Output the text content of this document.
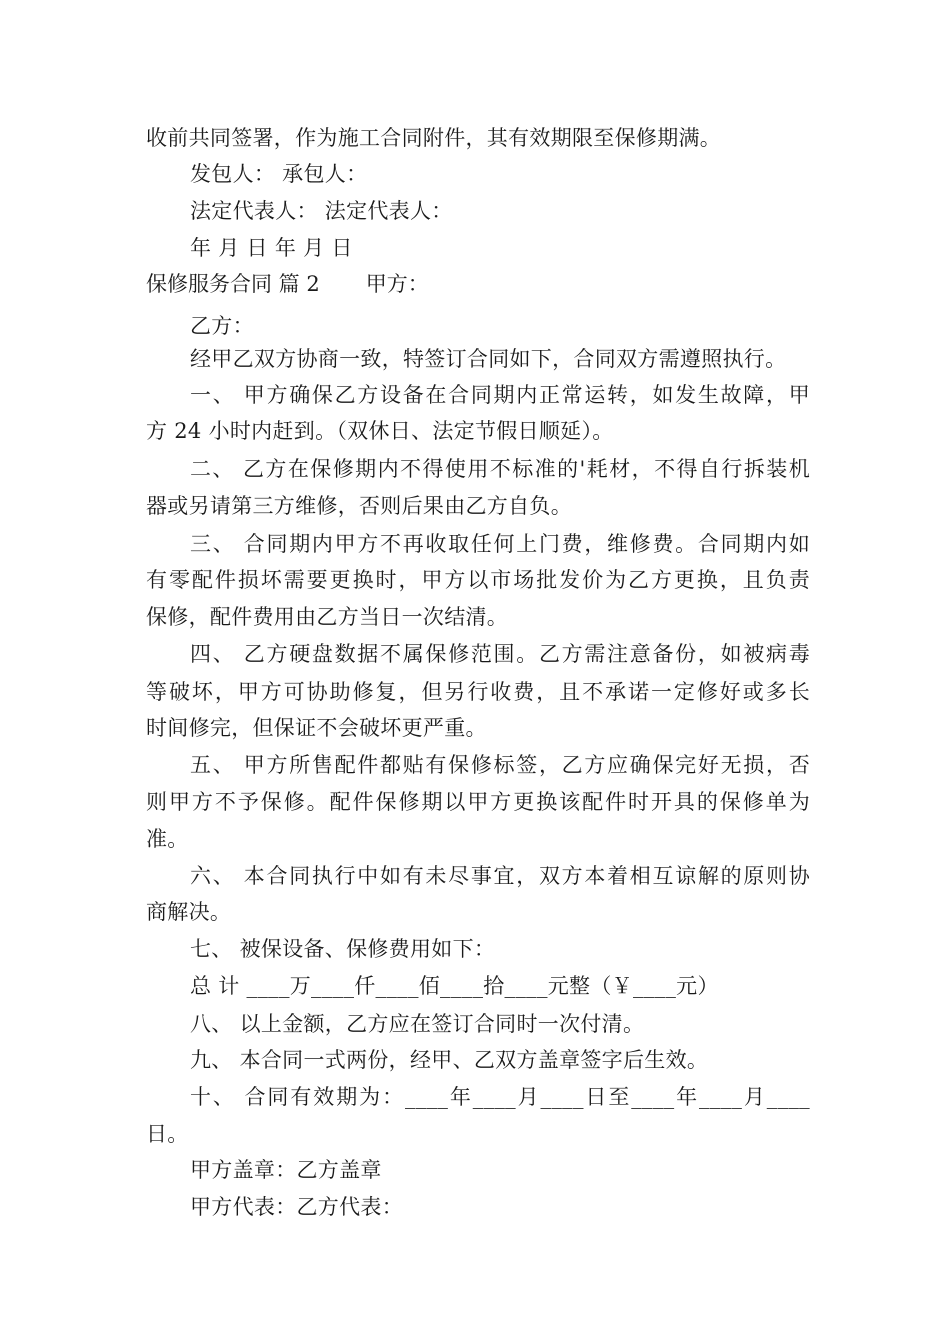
收前共同签署，作为施工合同附件，其有效期限至保修期满。
发包人： 承包人：
法定代表人： 法定代表人：
年 月 日 年 月 日
保修服务合同 篇 2 甲方：
乙方：
经甲乙双方协商一致，特签订合同如下，合同双方需遵照执行。
一、 甲方确保乙方设备在合同期内正常运转，如发生故障，甲
方 24 小时内赶到。（双休日、法定节假日顺延）。
二、 乙方在保修期内不得使用不标准的'耗材，不得自行拆装机
器或另请第三方维修，否则后果由乙方自负。
三、 合同期内甲方不再收取任何上门费，维修费。合同期内如
有零配件损坏需要更换时，甲方以市场批发价为乙方更换，且负责
保修，配件费用由乙方当日一次结清。
四、 乙方硬盘数据不属保修范围。乙方需注意备份，如被病毒
等破坏，甲方可协助修复，但另行收费，且不承诺一定修好或多长
时间修完，但保证不会破坏更严重。
五、 甲方所售配件都贴有保修标签，乙方应确保完好无损，否
则甲方不予保修。配件保修期以甲方更换该配件时开具的保修单为
准。
六、 本合同执行中如有未尽事宜，双方本着相互谅解的原则协
商解决。
七、 被保设备、保修费用如下：
总 计 ____万____仟____佰____拾____元整（￥____元）
八、 以上金额，乙方应在签订合同时一次付清。
九、 本合同一式两份，经甲、乙双方盖章签字后生效。
十、 合同有效期为：____年____月____日至____年____月____
日。
甲方盖章：乙方盖章
甲方代表：乙方代表：
